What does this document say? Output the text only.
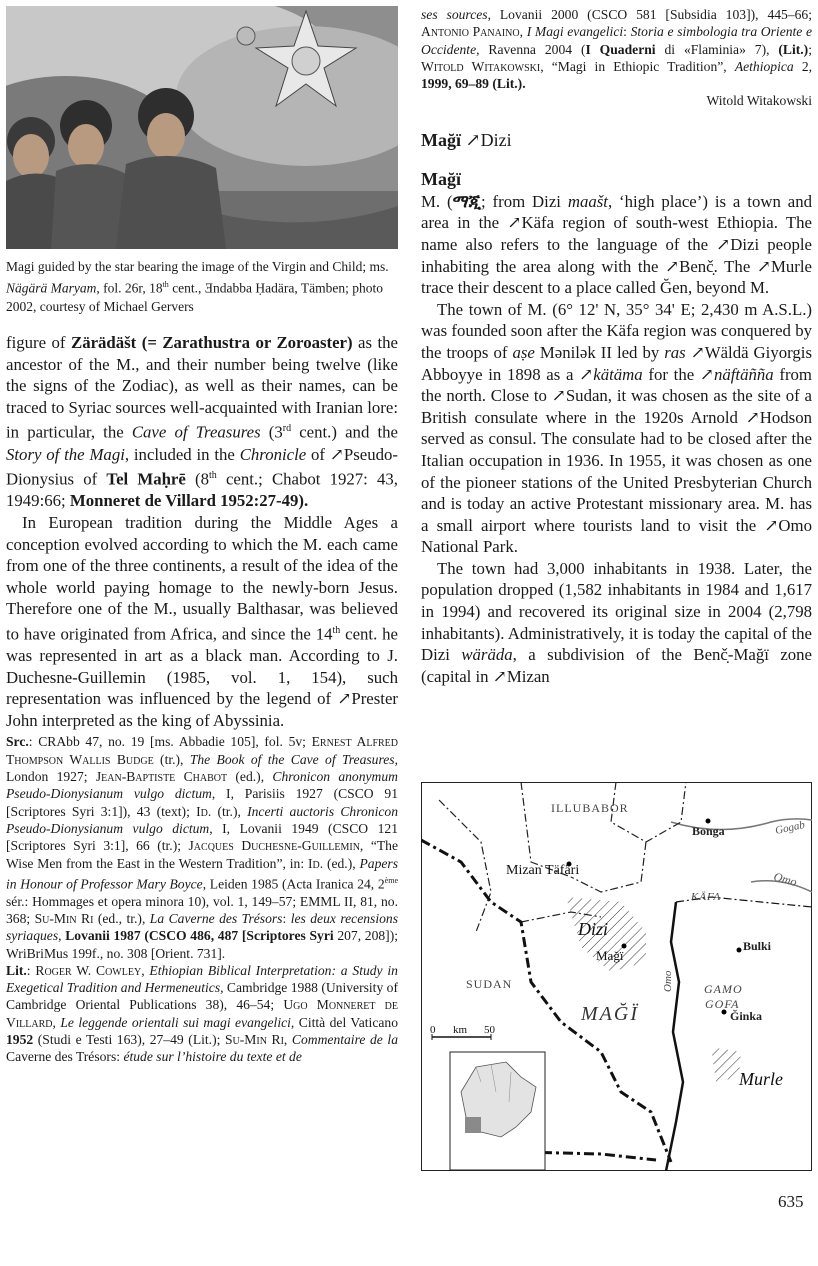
Magi guided by the star bearing the image of the Virgin and Child; ms. Nägärä Maryam, fol. 26r, 18th cent., Ǝndabba Ḥadära, Tämben; photo 2002, courtesy of Michael Gervers

figure of Zärädäšt (= Zarathustra or Zoroaster) as the ancestor of the M., and their number being twelve (like the signs of the Zodiac), as well as their names, can be traced to Syriac sources well-acquainted with Iranian lore: in particular, the Cave of Treasures (3rd cent.) and the Story of the Magi, included in the Chronicle of ↗Pseudo-Dionysius of Tel Maḥrē (8th cent.; Chabot 1927: 43, 1949:66; Monneret de Villard 1952:27-49).

In European tradition during the Middle Ages a conception evolved according to which the M. each came from one of the three continents, a result of the idea of the whole world paying homage to the newly-born Jesus. Therefore one of the M., usually Balthasar, was believed to have originated from Africa, and since the 14th cent. he was represented in art as a black man. According to J. Duchesne-Guillemin (1985, vol. 1, 154), such representation was influenced by the legend of ↗Prester John interpreted as the king of Abyssinia.

Src.: CRAbb 47, no. 19 [ms. Abbadie 105], fol. 5v; Ernest Alfred Thompson Wallis Budge (tr.), The Book of the Cave of Treasures, London 1927; Jean-Baptiste Chabot (ed.), Chronicon anonymum Pseudo-Dionysianum vulgo dictum, I, Parisiis 1927 (CSCO 91 [Scriptores Syri 3:1]), 43 (text); Id. (tr.), Incerti auctoris Chronicon Pseudo-Dionysianum vulgo dictum, I, Lovanii 1949 (CSCO 121 [Scriptores Syri 3:1], 66 (tr.); Jacques Duchesne-Guillemin, “The Wise Men from the East in the Western Tradition”, in: Id. (ed.), Papers in Honour of Professor Mary Boyce, Leiden 1985 (Acta Iranica 24, 2ème sér.: Hommages et opera minora 10), vol. 1, 149–57; EMML II, 81, no. 368; Su-Min Ri (ed., tr.), La Caverne des Trésors: les deux recensions syriaques, Lovanii 1987 (CSCO 486, 487 [Scriptores Syri 207, 208]); WriBriMus 199f., no. 308 [Orient. 731].

Lit.: Roger W. Cowley, Ethiopian Biblical Interpretation: a Study in Exegetical Tradition and Hermeneutics, Cambridge 1988 (University of Cambridge Oriental Publications 38), 46–54; Ugo Monneret de Villard, Le leggende orientali sui magi evangelici, Città del Vaticano 1952 (Studi e Testi 163), 27–49 (Lit.); Su-Min Ri, Commentaire de la Caverne des Trésors: étude sur l’histoire du texte et de

ses sources, Lovanii 2000 (CSCO 581 [Subsidia 103]), 445–66; Antonio Panaino, I Magi evangelici: Storia e simbologia tra Oriente e Occidente, Ravenna 2004 (I Quaderni di «Flaminia» 7), (Lit.); Witold Witakowski, “Magi in Ethiopic Tradition”, Aethiopica 2, 1999, 69–89 (Lit.).

Witold Witakowski

Mağï ↗Dizi

Mağï

M. (ማጂ; from Dizi maašt, ‘high place’) is a town and area in the ↗Käfa region of south-west Ethiopia. The name also refers to the language of the ↗Dizi people inhabiting the area along with the ↗Benč̣. The ↗Murle trace their descent to a place called Ğen, beyond M.

The town of M. (6° 12' N, 35° 34' E; 2,430 m A.S.L.) was founded soon after the Käfa region was conquered by the troops of aṣe Mənilək II led by ras ↗Wäldä Giyorgis Abboyye in 1898 as a ↗kätäma for the ↗näftäñña from the north. Close to ↗Sudan, it was chosen as the site of a British consulate where in the 1920s Arnold ↗Hodson served as consul. The consulate had to be closed after the Italian occupation in 1936. In 1955, it was chosen as one of the pioneer stations of the United Presbyterian Church and is today an active Protestant missionary area. M. has a small airport where tourists land to visit the ↗Omo National Park.

The town had 3,000 inhabitants in 1938. Later, the population dropped (1,582 inhabitants in 1984 and 1,617 in 1994) and recovered its original size in 2004 (2,798 inhabitants). Administratively, it is today the capital of the Dizi wäräda, a subdivision of the Benč̣-Mağï zone (capital in ↗Mizan

ILLUBABOR
Bonga	Gogab
Mizan Täfäri
KÄFA
Omo
Dizi
Mağï
Bulki
SUDAN	Omo	GAMO
GOFA
Ğinka
MAĞÏ
Murle
0 km 50
635
